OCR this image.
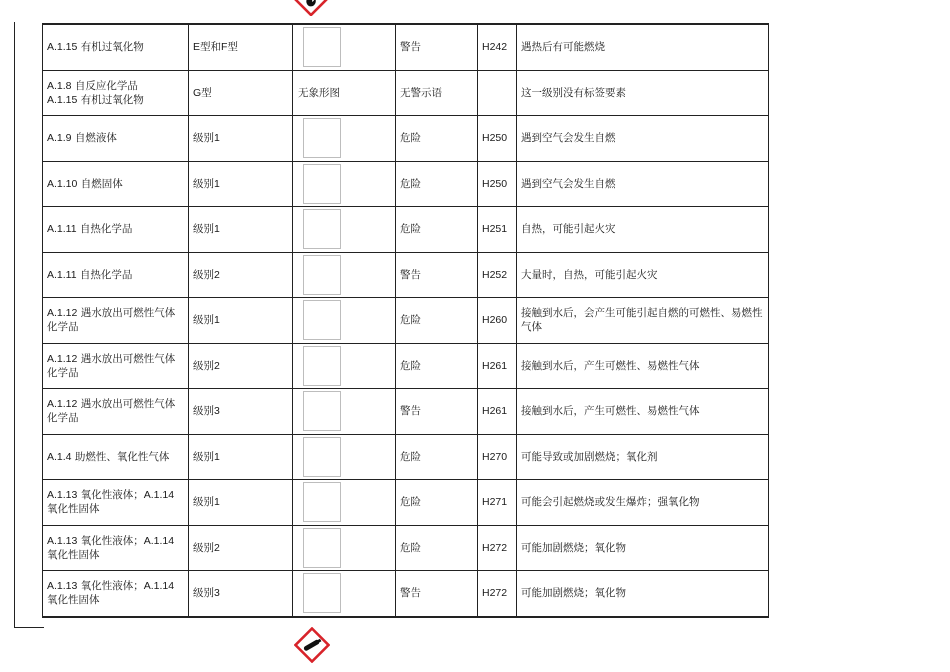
A.1.15 有机过氧化物	E型和F型		警告	H242	遇热后有可能燃烧

A.1.8 自反应化学品
A.1.15 有机过氧化物	G型	无象形图	无警示语		这一级别没有标签要素

A.1.9 自燃液体	级别1		危险	H250	遇到空气会发生自燃

A.1.10 自燃固体	级别1		危险	H250	遇到空气会发生自燃

A.1.11 自热化学品	级别1		危险	H251	自热，可能引起火灾

A.1.11 自热化学品	级别2		警告	H252	大量时，自热，可能引起火灾

A.1.12 遇水放出可燃性气体
化学品	级别1		危险	H260	接触到水后，会产生可能引起自燃的可燃性、易燃性气体

A.1.12 遇水放出可燃性气体
化学品	级别2		危险	H261	接触到水后，产生可燃性、易燃性气体

A.1.12 遇水放出可燃性气体
化学品	级别3		警告	H261	接触到水后，产生可燃性、易燃性气体

A.1.4 助燃性、氧化性气体	级别1		危险	H270	可能导致或加剧燃烧；氧化剂

A.1.13 氧化性液体；A.1.14
氧化性固体	级别1		危险	H271	可能会引起燃烧或发生爆炸；强氧化物

A.1.13 氧化性液体；A.1.14
氧化性固体	级别2		危险	H272	可能加剧燃烧；氧化物

A.1.13 氧化性液体；A.1.14
氧化性固体	级别3		警告	H272	可能加剧燃烧；氧化物
